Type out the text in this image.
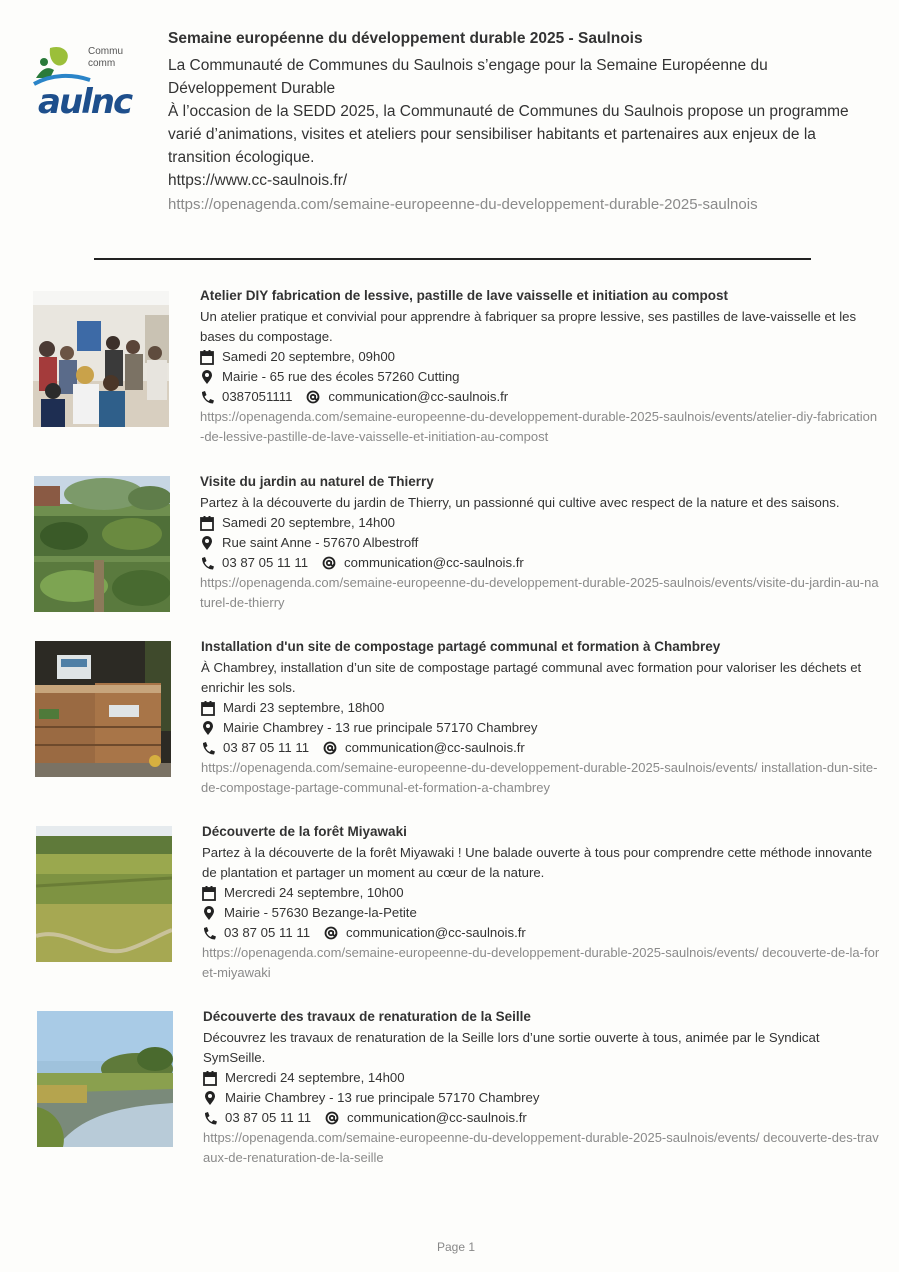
Commu
comm
aulnc
Semaine européenne du développement durable 2025 - Saulnois

La Communauté de Communes du Saulnois s’engage pour la Semaine Européenne du Développement Durable

À l’occasion de la SEDD 2025, la Communauté de Communes du Saulnois propose un programme varié d’animations, visites et ateliers pour sensibiliser habitants et partenaires aux enjeux de la transition écologique.

https://www.cc-saulnois.fr/
https://openagenda.com/semaine-europeenne-du-developpement-durable-2025-saulnois
Atelier DIY fabrication de lessive, pastille de lave vaisselle et initiation au compost

Un atelier pratique et convivial pour apprendre à fabriquer sa propre lessive, ses pastilles de lave-vaisselle et les bases du compostage.

Samedi 20 septembre, 09h00
Mairie - 65 rue des écoles 57260 Cutting
0387051111	communication@cc-saulnois.fr
https://openagenda.com/semaine-europeenne-du-developpement-durable-2025-saulnois/events/atelier-diy-fabrication-de-lessive-pastille-de-lave-vaisselle-et-initiation-au-compost
Visite du jardin au naturel de Thierry

Partez à la découverte du jardin de Thierry, un passionné qui cultive avec respect de la nature et des saisons.

Samedi 20 septembre, 14h00
Rue saint Anne - 57670 Albestroff
03 87 05 11 11	communication@cc-saulnois.fr
https://openagenda.com/semaine-europeenne-du-developpement-durable-2025-saulnois/events/visite-du-jardin-au-naturel-de-thierry
Installation d'un site de compostage partagé communal et formation à Chambrey

À Chambrey, installation d’un site de compostage partagé communal avec formation pour valoriser les déchets et enrichir les sols.

Mardi 23 septembre, 18h00
Mairie Chambrey - 13 rue principale 57170 Chambrey
03 87 05 11 11	communication@cc-saulnois.fr
https://openagenda.com/semaine-europeenne-du-developpement-durable-2025-saulnois/events/ installation-dun-site-de-compostage-partage-communal-et-formation-a-chambrey
Découverte de la forêt Miyawaki

Partez à la découverte de la forêt Miyawaki ! Une balade ouverte à tous pour comprendre cette méthode innovante de plantation et partager un moment au cœur de la nature.

Mercredi 24 septembre, 10h00
Mairie - 57630 Bezange-la-Petite
03 87 05 11 11	communication@cc-saulnois.fr
https://openagenda.com/semaine-europeenne-du-developpement-durable-2025-saulnois/events/ decouverte-de-la-foret-miyawaki
Découverte des travaux de renaturation de la Seille

Découvrez les travaux de renaturation de la Seille lors d’une sortie ouverte à tous, animée par le Syndicat SymSeille.

Mercredi 24 septembre, 14h00
Mairie Chambrey - 13 rue principale 57170 Chambrey
03 87 05 11 11	communication@cc-saulnois.fr
https://openagenda.com/semaine-europeenne-du-developpement-durable-2025-saulnois/events/ decouverte-des-travaux-de-renaturation-de-la-seille
Page 1
